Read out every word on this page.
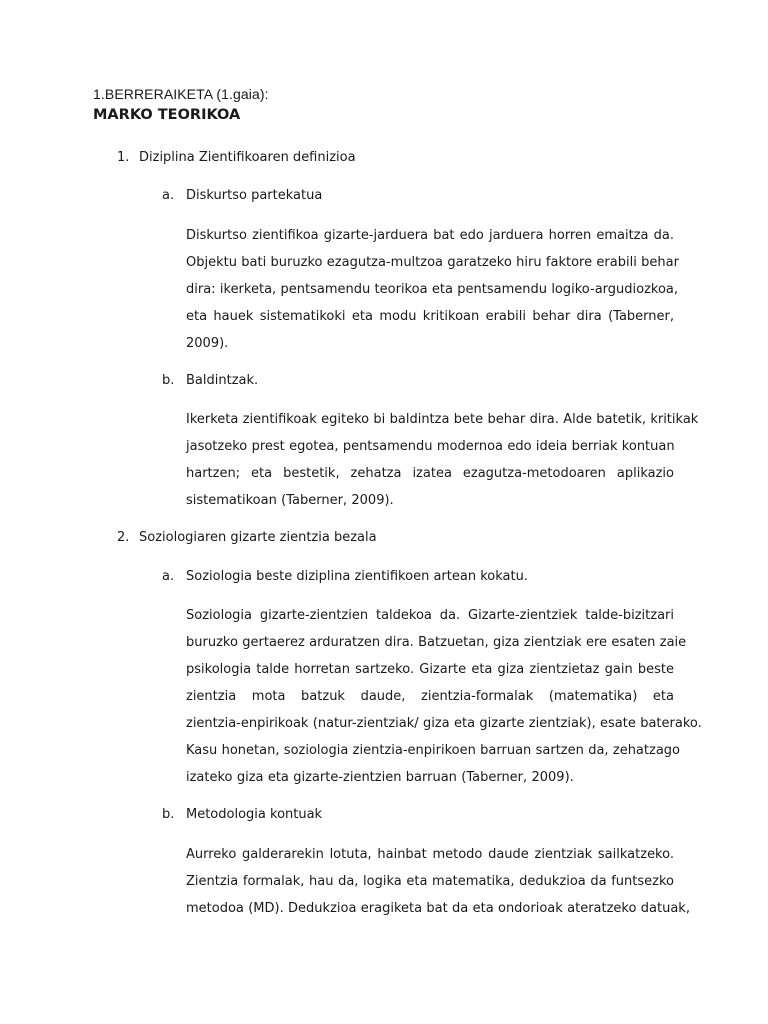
1.BERRERAIKETA (1.gaia):
MARKO TEORIKOA
1. Diziplina Zientifikoaren definizioa
a. Diskurtso partekatua
Diskurtso zientifikoa gizarte-jarduera bat edo jarduera horren emaitza da.
Objektu bati buruzko ezagutza-multzoa garatzeko hiru faktore erabili behar
dira: ikerketa, pentsamendu teorikoa eta pentsamendu logiko-argudiozkoa,
eta hauek sistematikoki eta modu kritikoan erabili behar dira (Taberner,
2009).
b. Baldintzak.
Ikerketa zientifikoak egiteko bi baldintza bete behar dira. Alde batetik, kritikak
jasotzeko prest egotea, pentsamendu modernoa edo ideia berriak kontuan
hartzen; eta bestetik, zehatza izatea ezagutza-metodoaren aplikazio
sistematikoan (Taberner, 2009).
2. Soziologiaren gizarte zientzia bezala
a. Soziologia beste diziplina zientifikoen artean kokatu.
Soziologia gizarte-zientzien taldekoa da. Gizarte-zientziek talde-bizitzari
buruzko gertaerez arduratzen dira. Batzuetan, giza zientziak ere esaten zaie
psikologia talde horretan sartzeko. Gizarte eta giza zientzietaz gain beste
zientzia mota batzuk daude, zientzia-formalak (matematika) eta
zientzia-enpirikoak (natur-zientziak/ giza eta gizarte zientziak), esate baterako.
Kasu honetan, soziologia zientzia-enpirikoen barruan sartzen da, zehatzago
izateko giza eta gizarte-zientzien barruan (Taberner, 2009).
b. Metodologia kontuak
Aurreko galderarekin lotuta, hainbat metodo daude zientziak sailkatzeko.
Zientzia formalak, hau da, logika eta matematika, dedukzioa da funtsezko
metodoa (MD). Dedukzioa eragiketa bat da eta ondorioak ateratzeko datuak,
